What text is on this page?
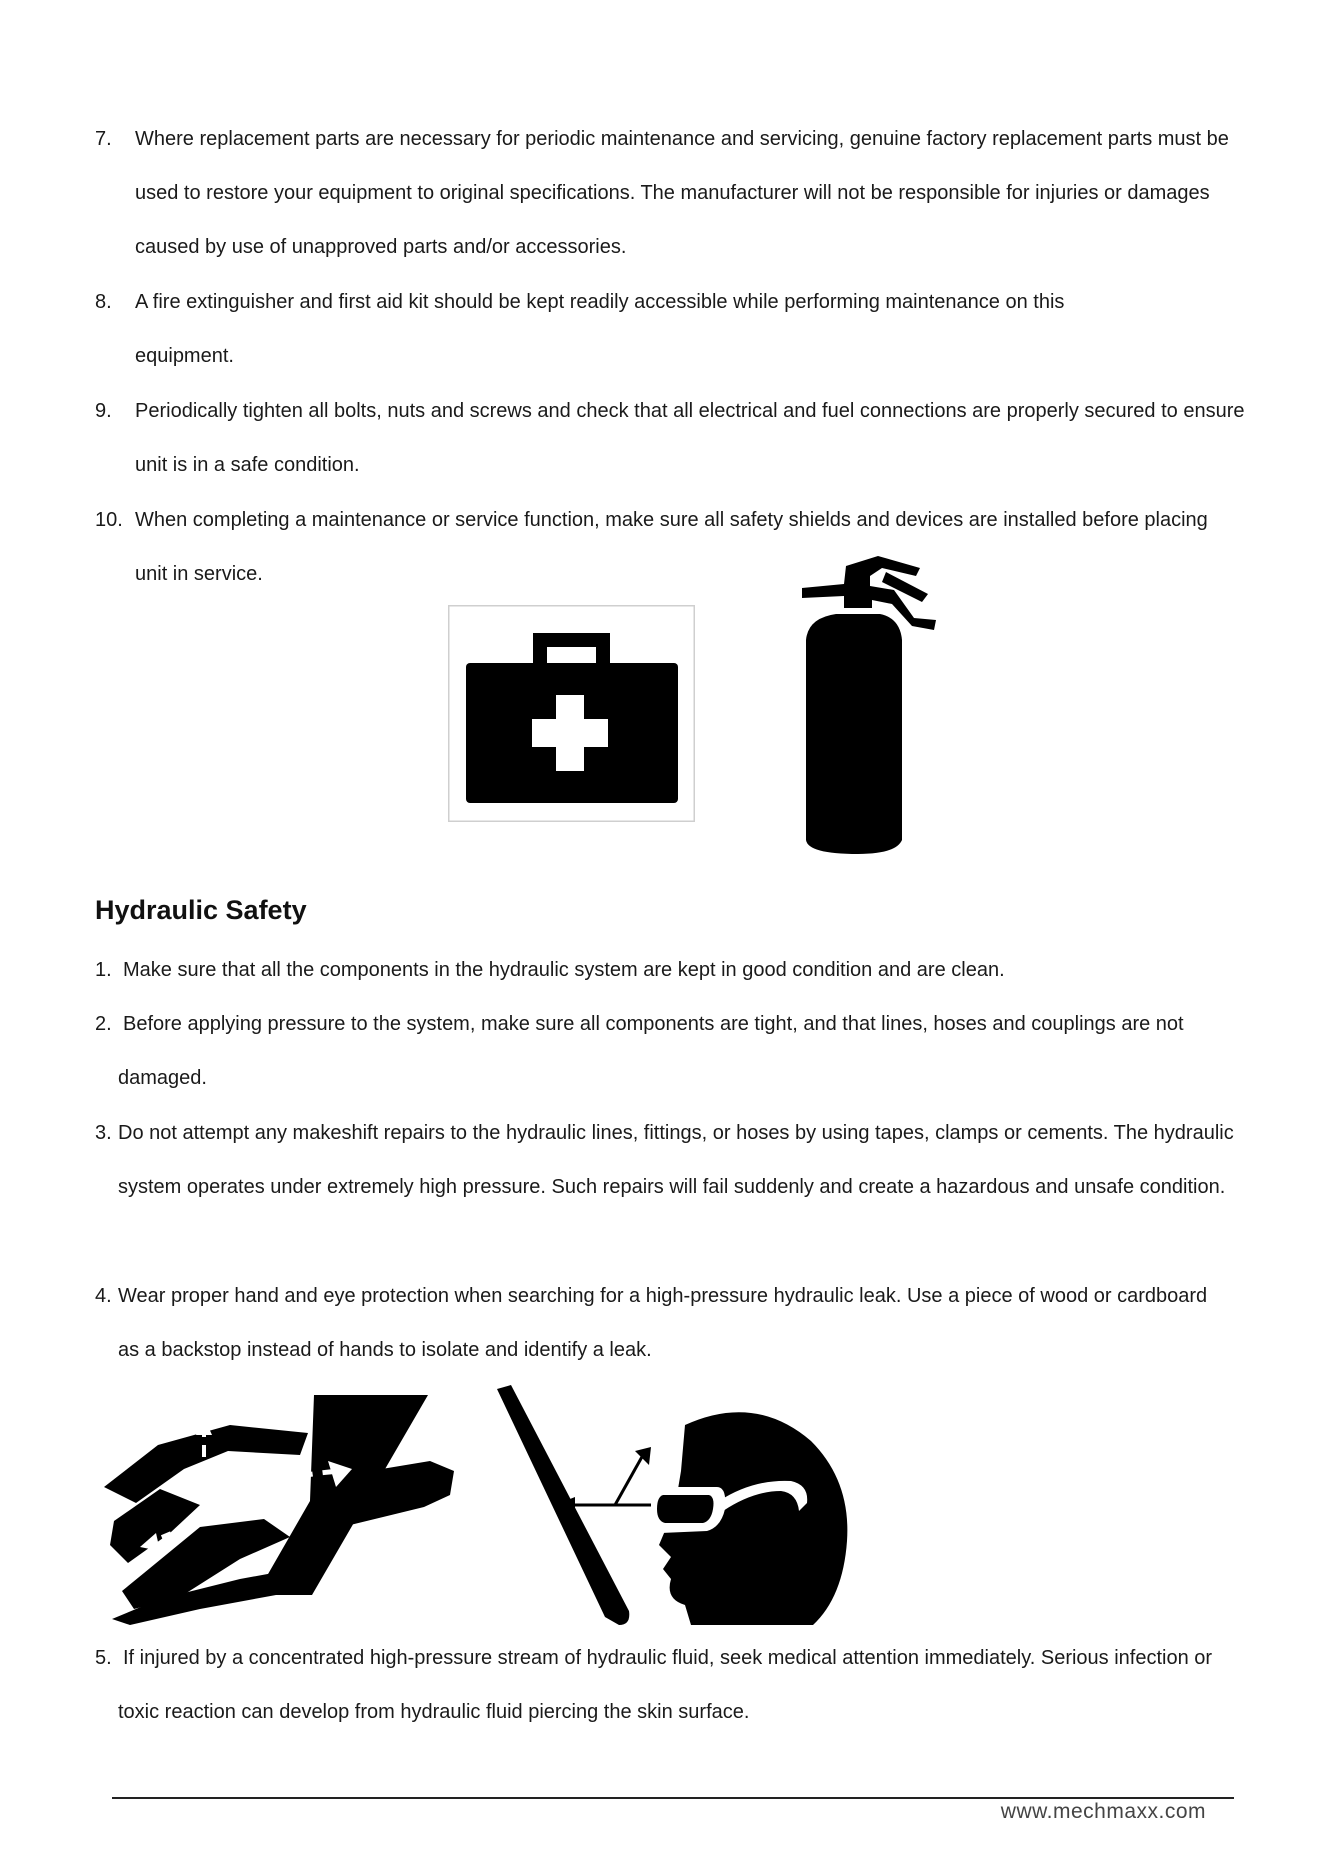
7. Where replacement parts are necessary for periodic maintenance and servicing, genuine factory replacement parts must be used to restore your equipment to original specifications. The manufacturer will not be responsible for injuries or damages caused by use of unapproved parts and/or accessories.
8. A fire extinguisher and first aid kit should be kept readily accessible while performing maintenance on this equipment.
9. Periodically tighten all bolts, nuts and screws and check that all electrical and fuel connections are properly secured to ensure unit is in a safe condition.
10. When completing a maintenance or service function, make sure all safety shields and devices are installed before placing unit in service.
Hydraulic Safety
1. Make sure that all the components in the hydraulic system are kept in good condition and are clean.
2. Before applying pressure to the system, make sure all components are tight, and that lines, hoses and couplings are not damaged.
3. Do not attempt any makeshift repairs to the hydraulic lines, fittings, or hoses by using tapes, clamps or cements. The hydraulic system operates under extremely high pressure. Such repairs will fail suddenly and create a hazardous and unsafe condition.
4. Wear proper hand and eye protection when searching for a high-pressure hydraulic leak. Use a piece of wood or cardboard as a backstop instead of hands to isolate and identify a leak.
5. If injured by a concentrated high-pressure stream of hydraulic fluid, seek medical attention immediately. Serious infection or toxic reaction can develop from hydraulic fluid piercing the skin surface.
www.mechmaxx.com
